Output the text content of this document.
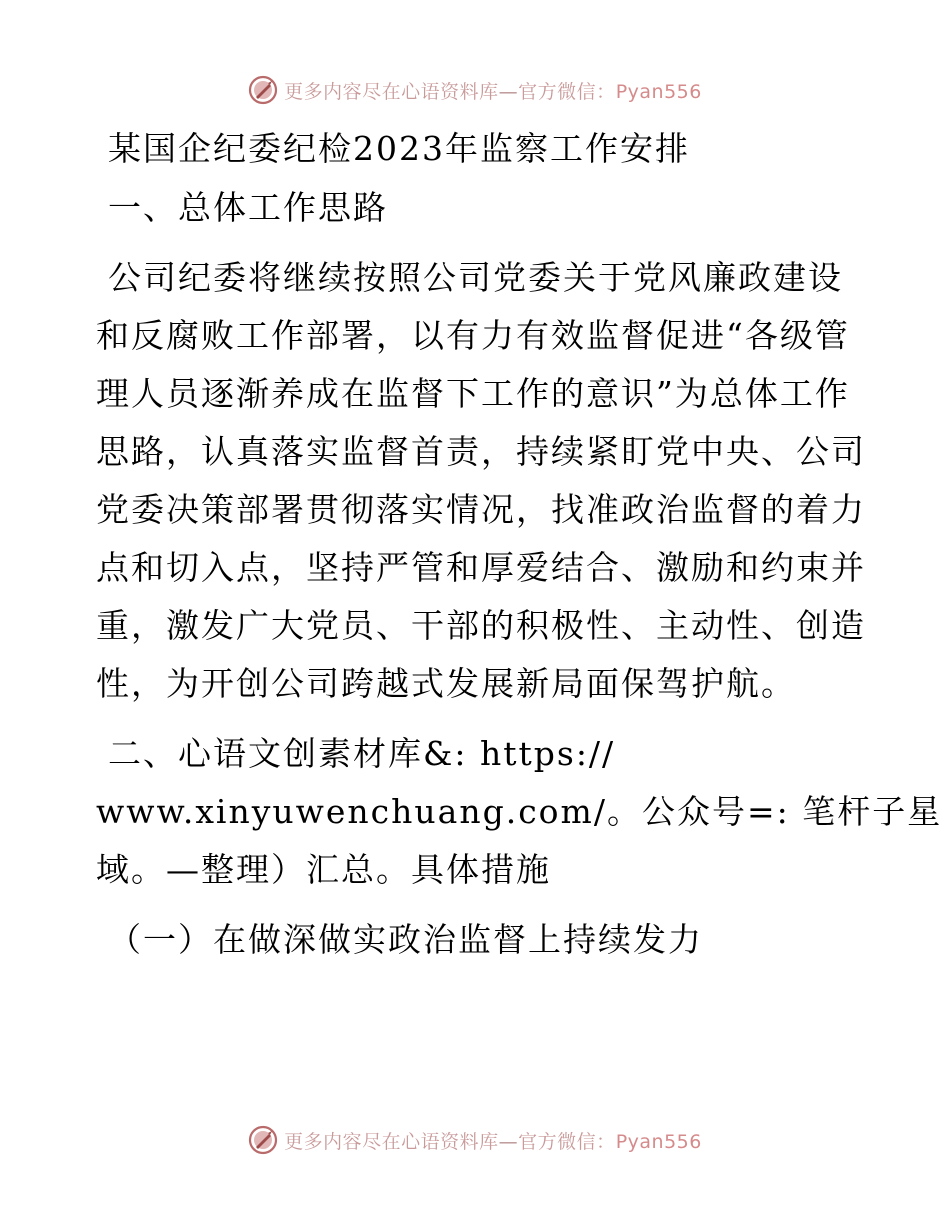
更多内容尽在心语资料库—官方微信：Pyan556

某国企纪委纪检2023年监察工作安排

一、总体工作思路

公司纪委将继续按照公司党委关于党风廉政建设

和反腐败工作部署，以有力有效监督促进“各级管

理人员逐渐养成在监督下工作的意识”为总体工作

思路，认真落实监督首责，持续紧盯党中央、公司

党委决策部署贯彻落实情况，找准政治监督的着力

点和切入点，坚持严管和厚爱结合、激励和约束并

重，激发广大党员、干部的积极性、主动性、创造

性，为开创公司跨越式发展新局面保驾护航。

二、心语文创素材库&: https://

www.xinyuwenchuang.com/。公众号=: 笔杆子星

域。—整理）汇总。具体措施

（一）在做深做实政治监督上持续发力

更多内容尽在心语资料库—官方微信：Pyan556
